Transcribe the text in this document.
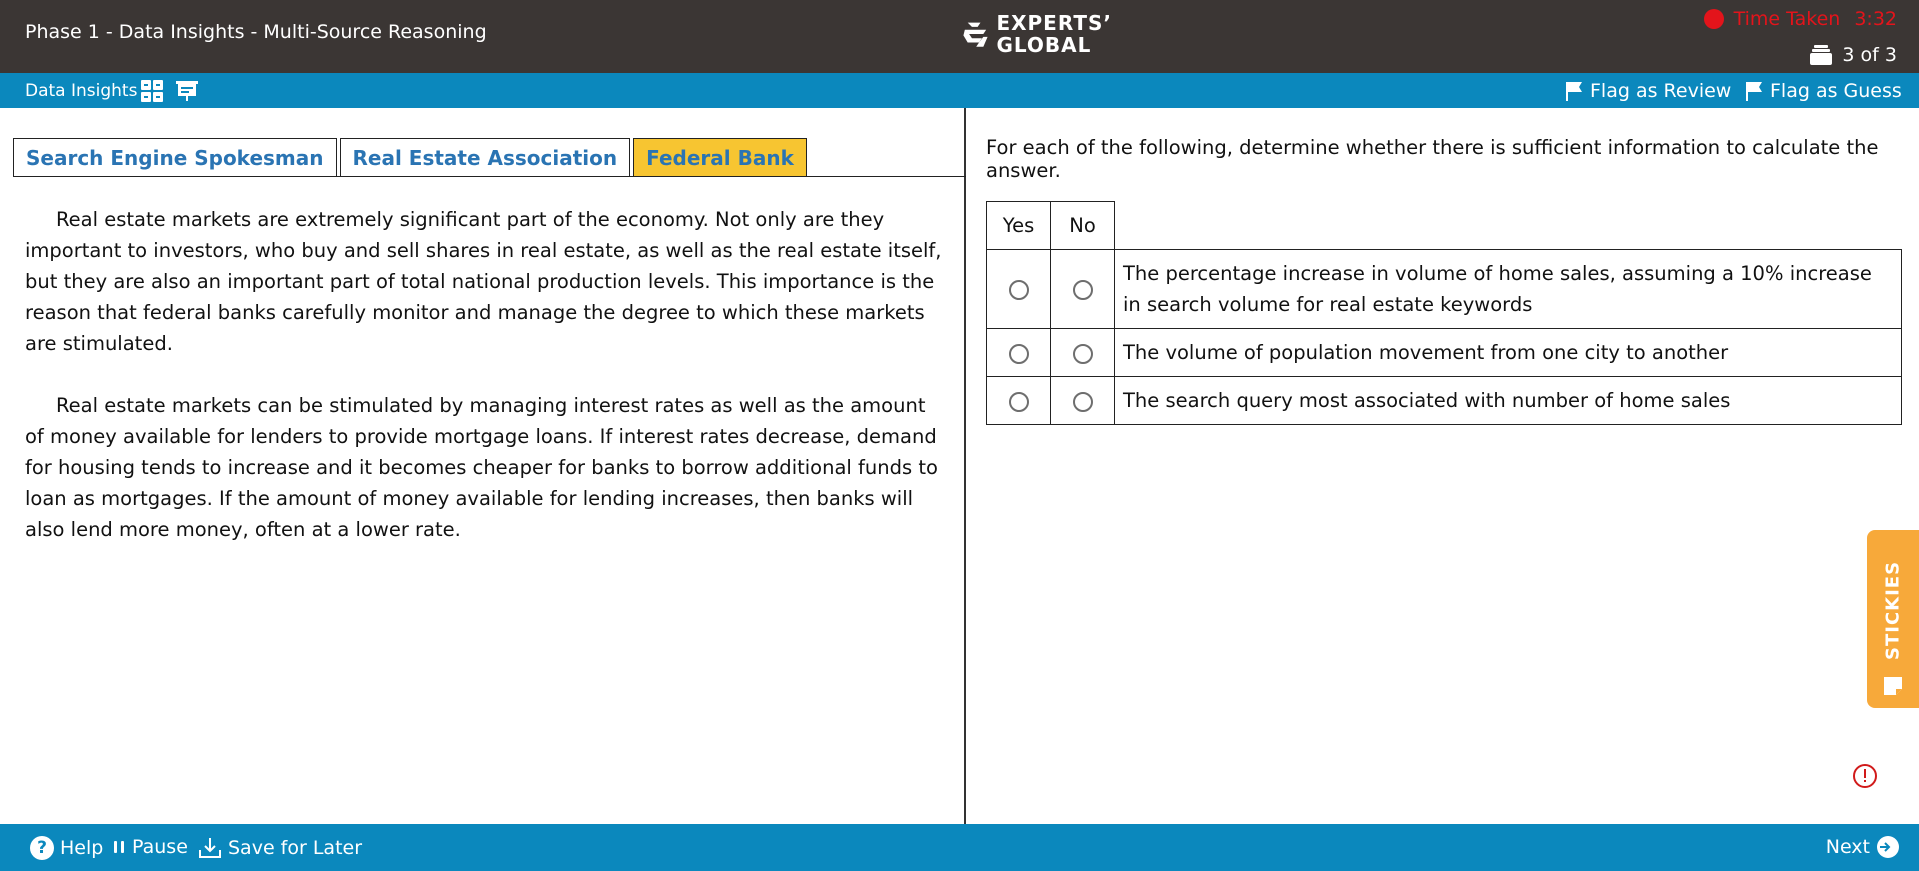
Phase 1 - Data Insights - Multi-Source Reasoning	EXPERTS’
GLOBAL
Time Taken 3:32
3 of 3
Data Insights	Flag as Review Flag as Guess
Search Engine Spokesman	Real Estate Association	Federal Bank

Real estate markets are extremely significant part of the economy. Not only are they important to investors, who buy and sell shares in real estate, as well as the real estate itself, but they are also an important part of total national production levels. This importance is the reason that federal banks carefully monitor and manage the degree to which these markets are stimulated.

Real estate markets can be stimulated by managing interest rates as well as the amount of money available for lenders to provide mortgage loans. If interest rates decrease, demand for housing tends to increase and it becomes cheaper for banks to borrow additional funds to loan as mortgages. If the amount of money available for lending increases, then banks will also lend more money, often at a lower rate.

For each of the following, determine whether there is sufficient information to calculate the answer.
Yes	No	
		The percentage increase in volume of home sales, assuming a 10% increase in search volume for real estate keywords
		The volume of population movement from one city to another
		The search query most associated with number of home sales
STICKIES
? Help Pause Save for Later	Next
